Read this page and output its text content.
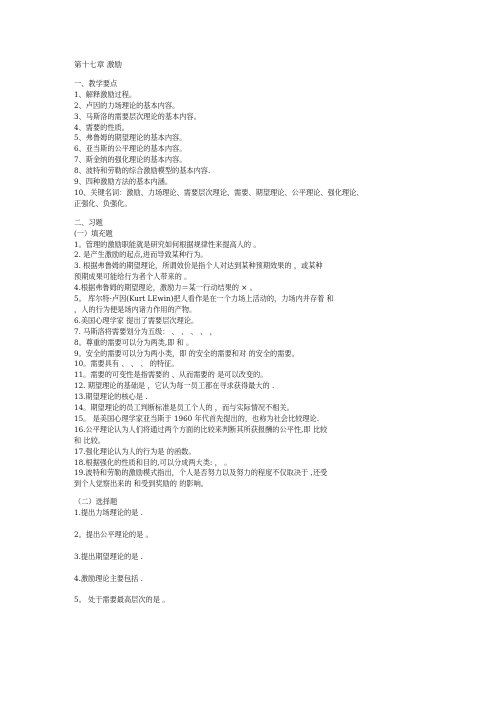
第十七章 激励
一、教学要点
1、解释激励过程。
2、卢因的力场理论的基本内容。
3、马斯洛的需要层次理论的基本内容。
4、需要的性质。
5、弗鲁姆的期望理论的基本内容。
6、亚当斯的公平理论的基本内容。
7、斯金纳的强化理论的基本内容。
8、波特和劳勒的综合激励模型的基本内容.
9、四种激励方法的基本内涵。
10、关键名词：激励、力场理论、需要层次理论、需要、期望理论、公平理论、强化理论、
正强化、负强化。
二、习题
(一）填充题
1。管理的激励职能就是研究如何根据规律性来提高人的 。
2. 是产生激励的起点,进而导致某种行为。
3. 根据弗鲁姆的期望理论，所谓效价是指个人对达到某种预期效果的 ，或某种
预期成果可能给行为者个人带来的 。
4.根据弗鲁姆的期望理论，激励力＝某一行动结果的 × 。
5。 库尔特·卢因(Kurt LEwin)把人看作是在一个力场上活动的，力场内并存着 和
，人的行为便是场内诸力作用的产物。
6.美国心理学家 提出了需要层次理论。
7. 马斯洛将需要划分为五级： 、 、 、 、 ，
8。尊重的需要可以分为两类,即 和 。
9。安全的需要可以分为两小类，即 的安全的需要和对 的安全的需要。
10。需要具有 、 、 、 的特征。
11。需要的可变性是指需要的 、从而需要的 是可以改变的。
12. 期望理论的基础是 ，它认为每一员工都在寻求获得最大的 .
13.期望理论的核心是 .
14。期望理论的员工判断标准是员工个人的 ，而与实际情况不相关。
15。 是美国心理学家亚当斯于 1960 年代首先提出的，也称为社会比较理论.
16.公平理论认为人们将通过两个方面的比较来判断其所获报酬的公平性,即 比较
和 比较。
17.强化理论认为人的行为是 的函数。
18.根据强化的性质和目的,可以分成两大类: ， 。
19.波特和劳勒的激励模式指出，个人是否努力以及努力的程度不仅取决于 ,还受
到个人觉察出来的 和受到奖励的 的影响。
（二）选择题
1.提出力场理论的是 .
2。提出公平理论的是 。
3.提出期望理论的是 .
4.激励理论主要包括 .
5。 处于需要最高层次的是 。
